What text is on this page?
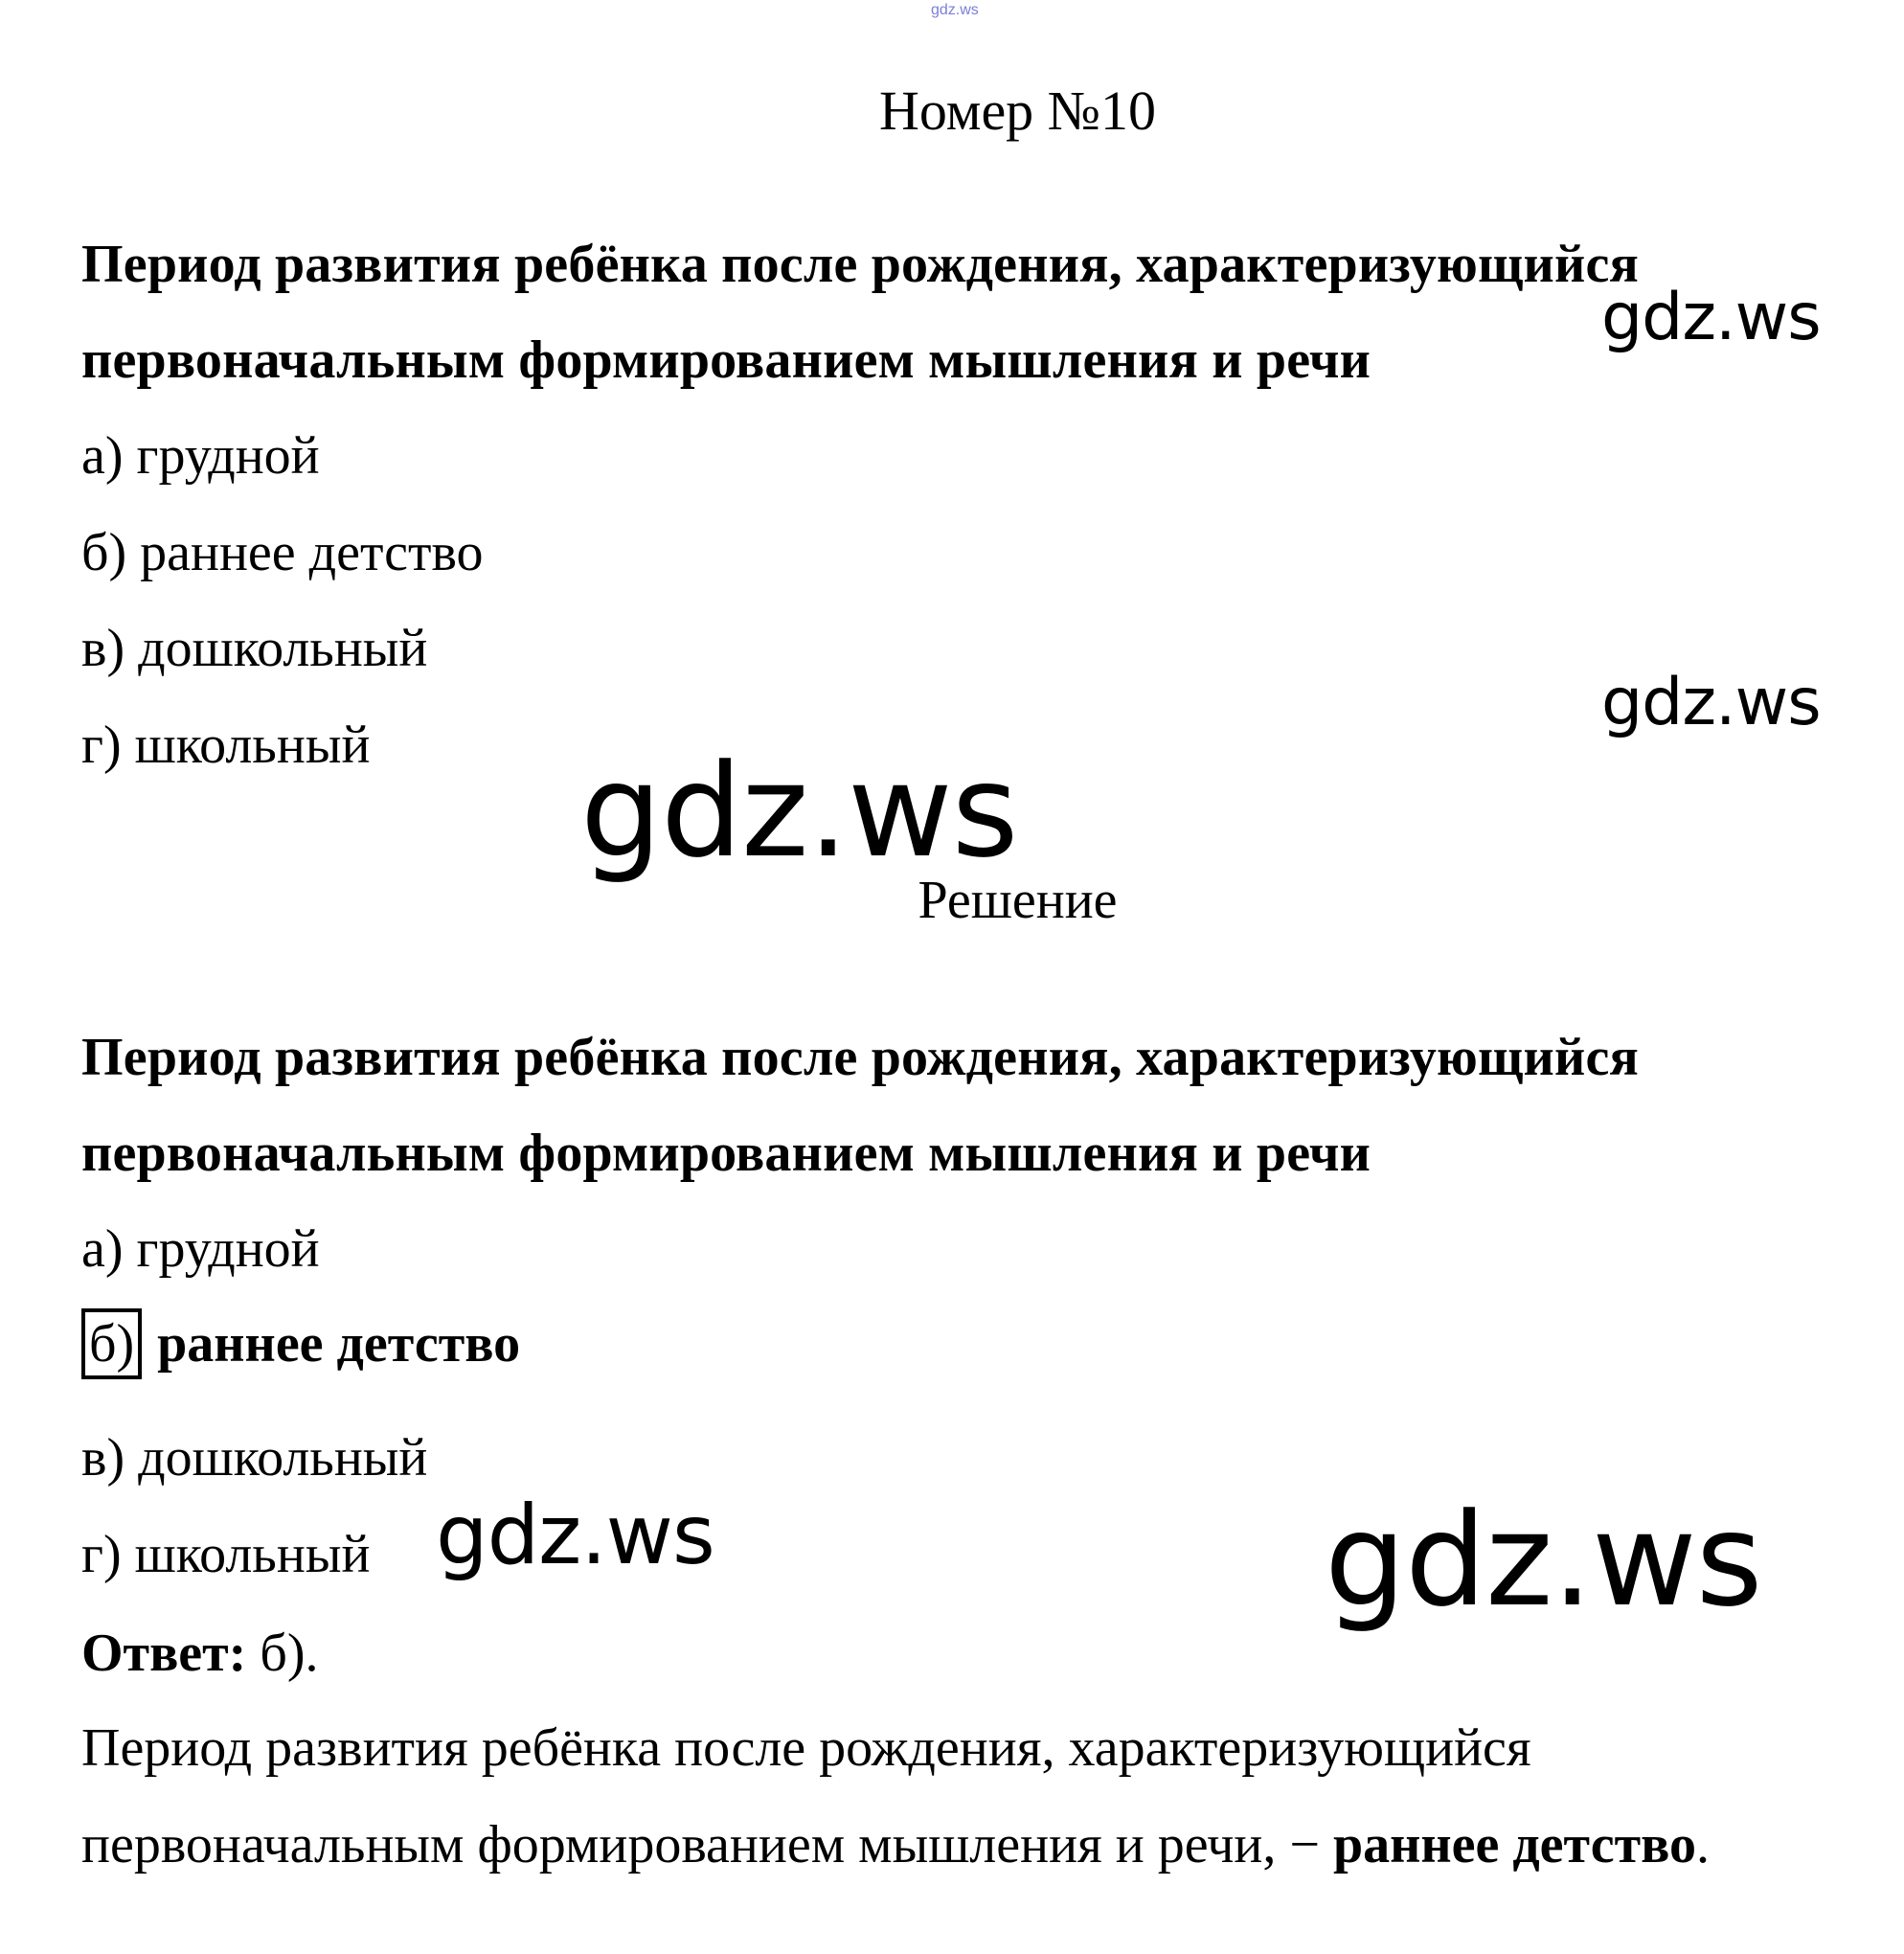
gdz.ws
Номер №10
Период развития ребёнка после рождения, характеризующийся
первоначальным формированием мышления и речи
а) грудной
б) раннее детство
в) дошкольный
г) школьный
gdz.ws
gdz.ws
gdz.ws
Решение
Период развития ребёнка после рождения, характеризующийся
первоначальным формированием мышления и речи
а) грудной
б) раннее детство
в) дошкольный
г) школьный gdz.ws	gdz.ws
Ответ: б).
Период развития ребёнка после рождения, характеризующийся
первоначальным формированием мышления и речи, − раннее детство.
